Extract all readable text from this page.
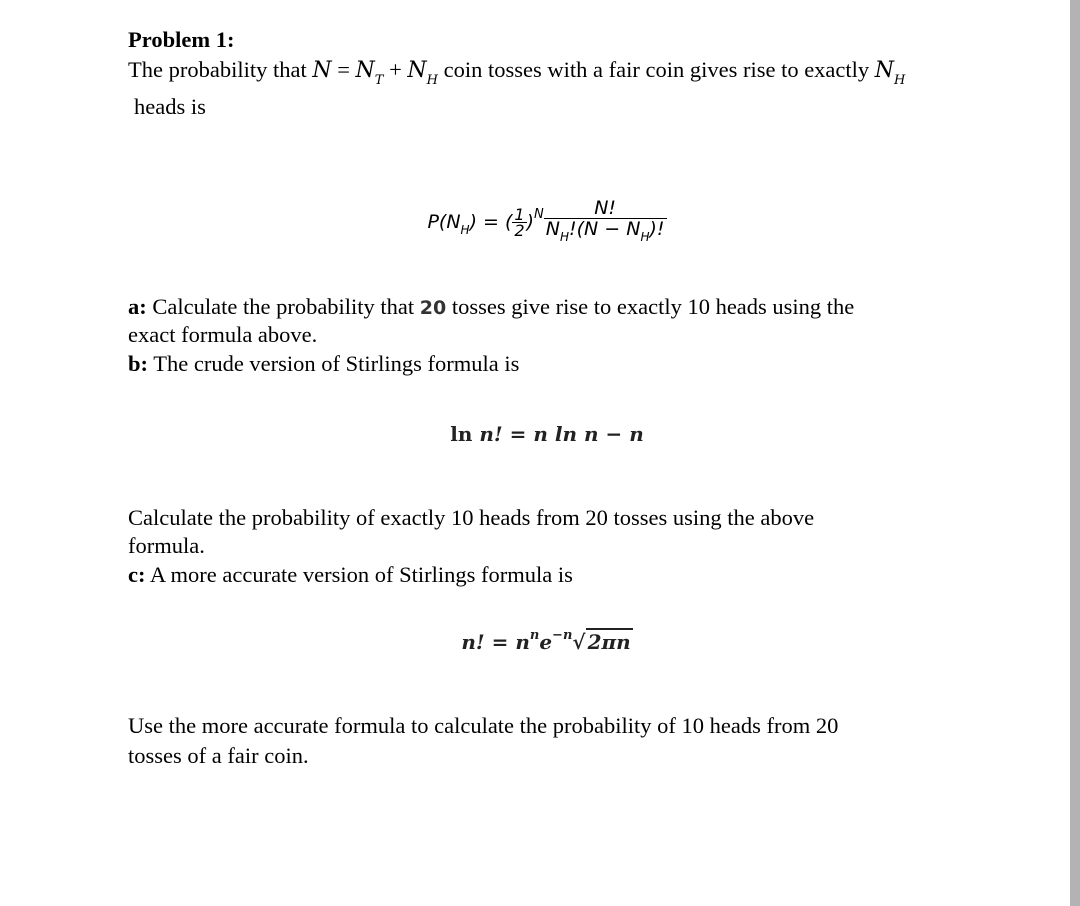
Problem 1:
The probability that $N = N_T + N_H$ coin tosses with a fair coin gives rise to exactly $N_H$
heads is
$P(N_H)$ = ( $\frac{1}{2} )^N \frac{N!}{N_H!(N - N_H)!}$
a: Calculate the probability that 20 tosses give rise to exactly 10 heads using the
exact formula above.
b: The crude version of Stirlings formula is
ln n! = n ln n − n
Calculate the probability of exactly 10 heads from 20 tosses using the above
formula.
c: A more accurate version of Stirlings formula is
n! = $n^ne^{-n}√$ 2πn
Use the more accurate formula to calculate the probability of 10 heads from 20
tosses of a fair coin.
